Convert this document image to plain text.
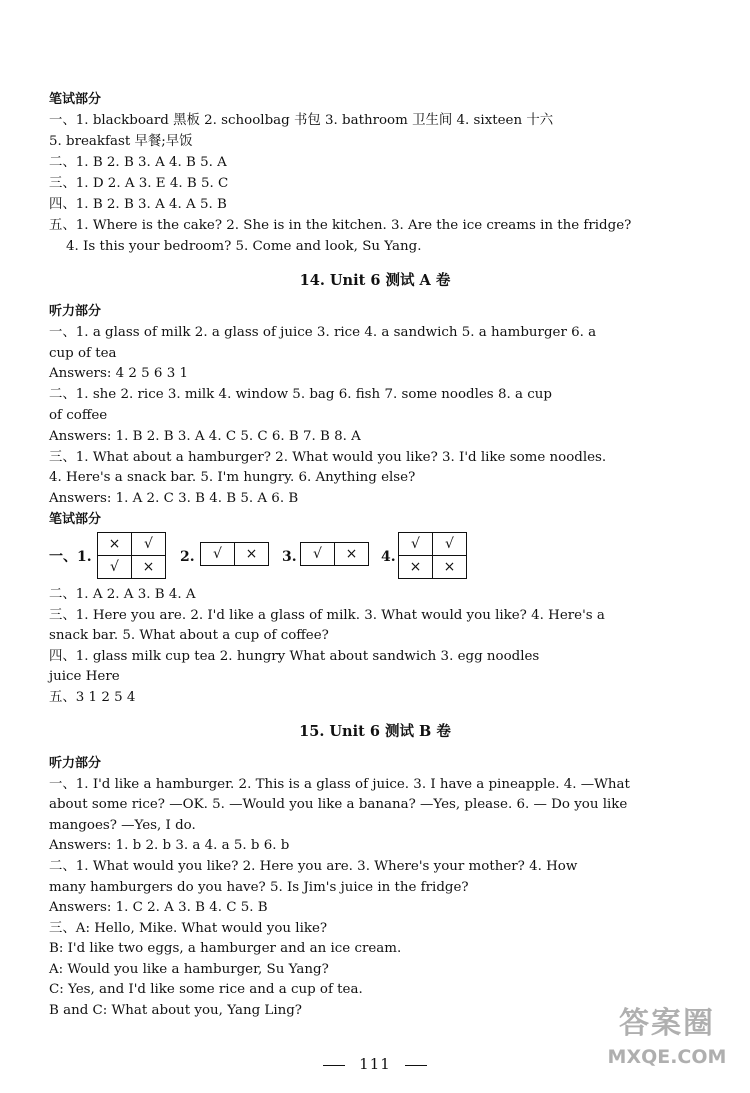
笔试部分
一、1. blackboard 黑板 2. schoolbag 书包 3. bathroom 卫生间 4. sixteen 十六
5. breakfast 早餐;早饭
二、1. B 2. B 3. A 4. B 5. A
三、1. D 2. A 3. E 4. B 5. C
四、1. B 2. B 3. A 4. A 5. B
五、1. Where is the cake? 2. She is in the kitchen. 3. Are the ice creams in the fridge?
4. Is this your bedroom? 5. Come and look, Su Yang.
14. Unit 6 测试 A 卷
听力部分
一、1. a glass of milk 2. a glass of juice 3. rice 4. a sandwich 5. a hamburger 6. a
cup of tea
Answers: 4 2 5 6 3 1
二、1. she 2. rice 3. milk 4. window 5. bag 6. fish 7. some noodles 8. a cup
of coffee
Answers: 1. B 2. B 3. A 4. C 5. C 6. B 7. B 8. A
三、1. What about a hamburger? 2. What would you like? 3. I'd like some noodles.
4. Here's a snack bar. 5. I'm hungry. 6. Anything else?
Answers: 1. A 2. C 3. B 4. B 5. A 6. B
笔试部分
一、1.
×	√
√	×
2. √	× 3. √	× 4.
√	√
×	×
二、1. A 2. A 3. B 4. A
三、1. Here you are. 2. I'd like a glass of milk. 3. What would you like? 4. Here's a
snack bar. 5. What about a cup of coffee?
四、1. glass milk cup tea 2. hungry What about sandwich 3. egg noodles
juice Here
五、3 1 2 5 4
15. Unit 6 测试 B 卷
听力部分
一、1. I'd like a hamburger. 2. This is a glass of juice. 3. I have a pineapple. 4. —What
about some rice? —OK. 5. —Would you like a banana? —Yes, please. 6. — Do you like
mangoes? —Yes, I do.
Answers: 1. b 2. b 3. a 4. a 5. b 6. b
二、1. What would you like? 2. Here you are. 3. Where's your mother? 4. How
many hamburgers do you have? 5. Is Jim's juice in the fridge?
Answers: 1. C 2. A 3. B 4. C 5. B
三、A: Hello, Mike. What would you like?
B: I'd like two eggs, a hamburger and an ice cream.
A: Would you like a hamburger, Su Yang?
C: Yes, and I'd like some rice and a cup of tea.
B and C: What about you, Yang Ling?
111
答案圈
MXQE.COM
